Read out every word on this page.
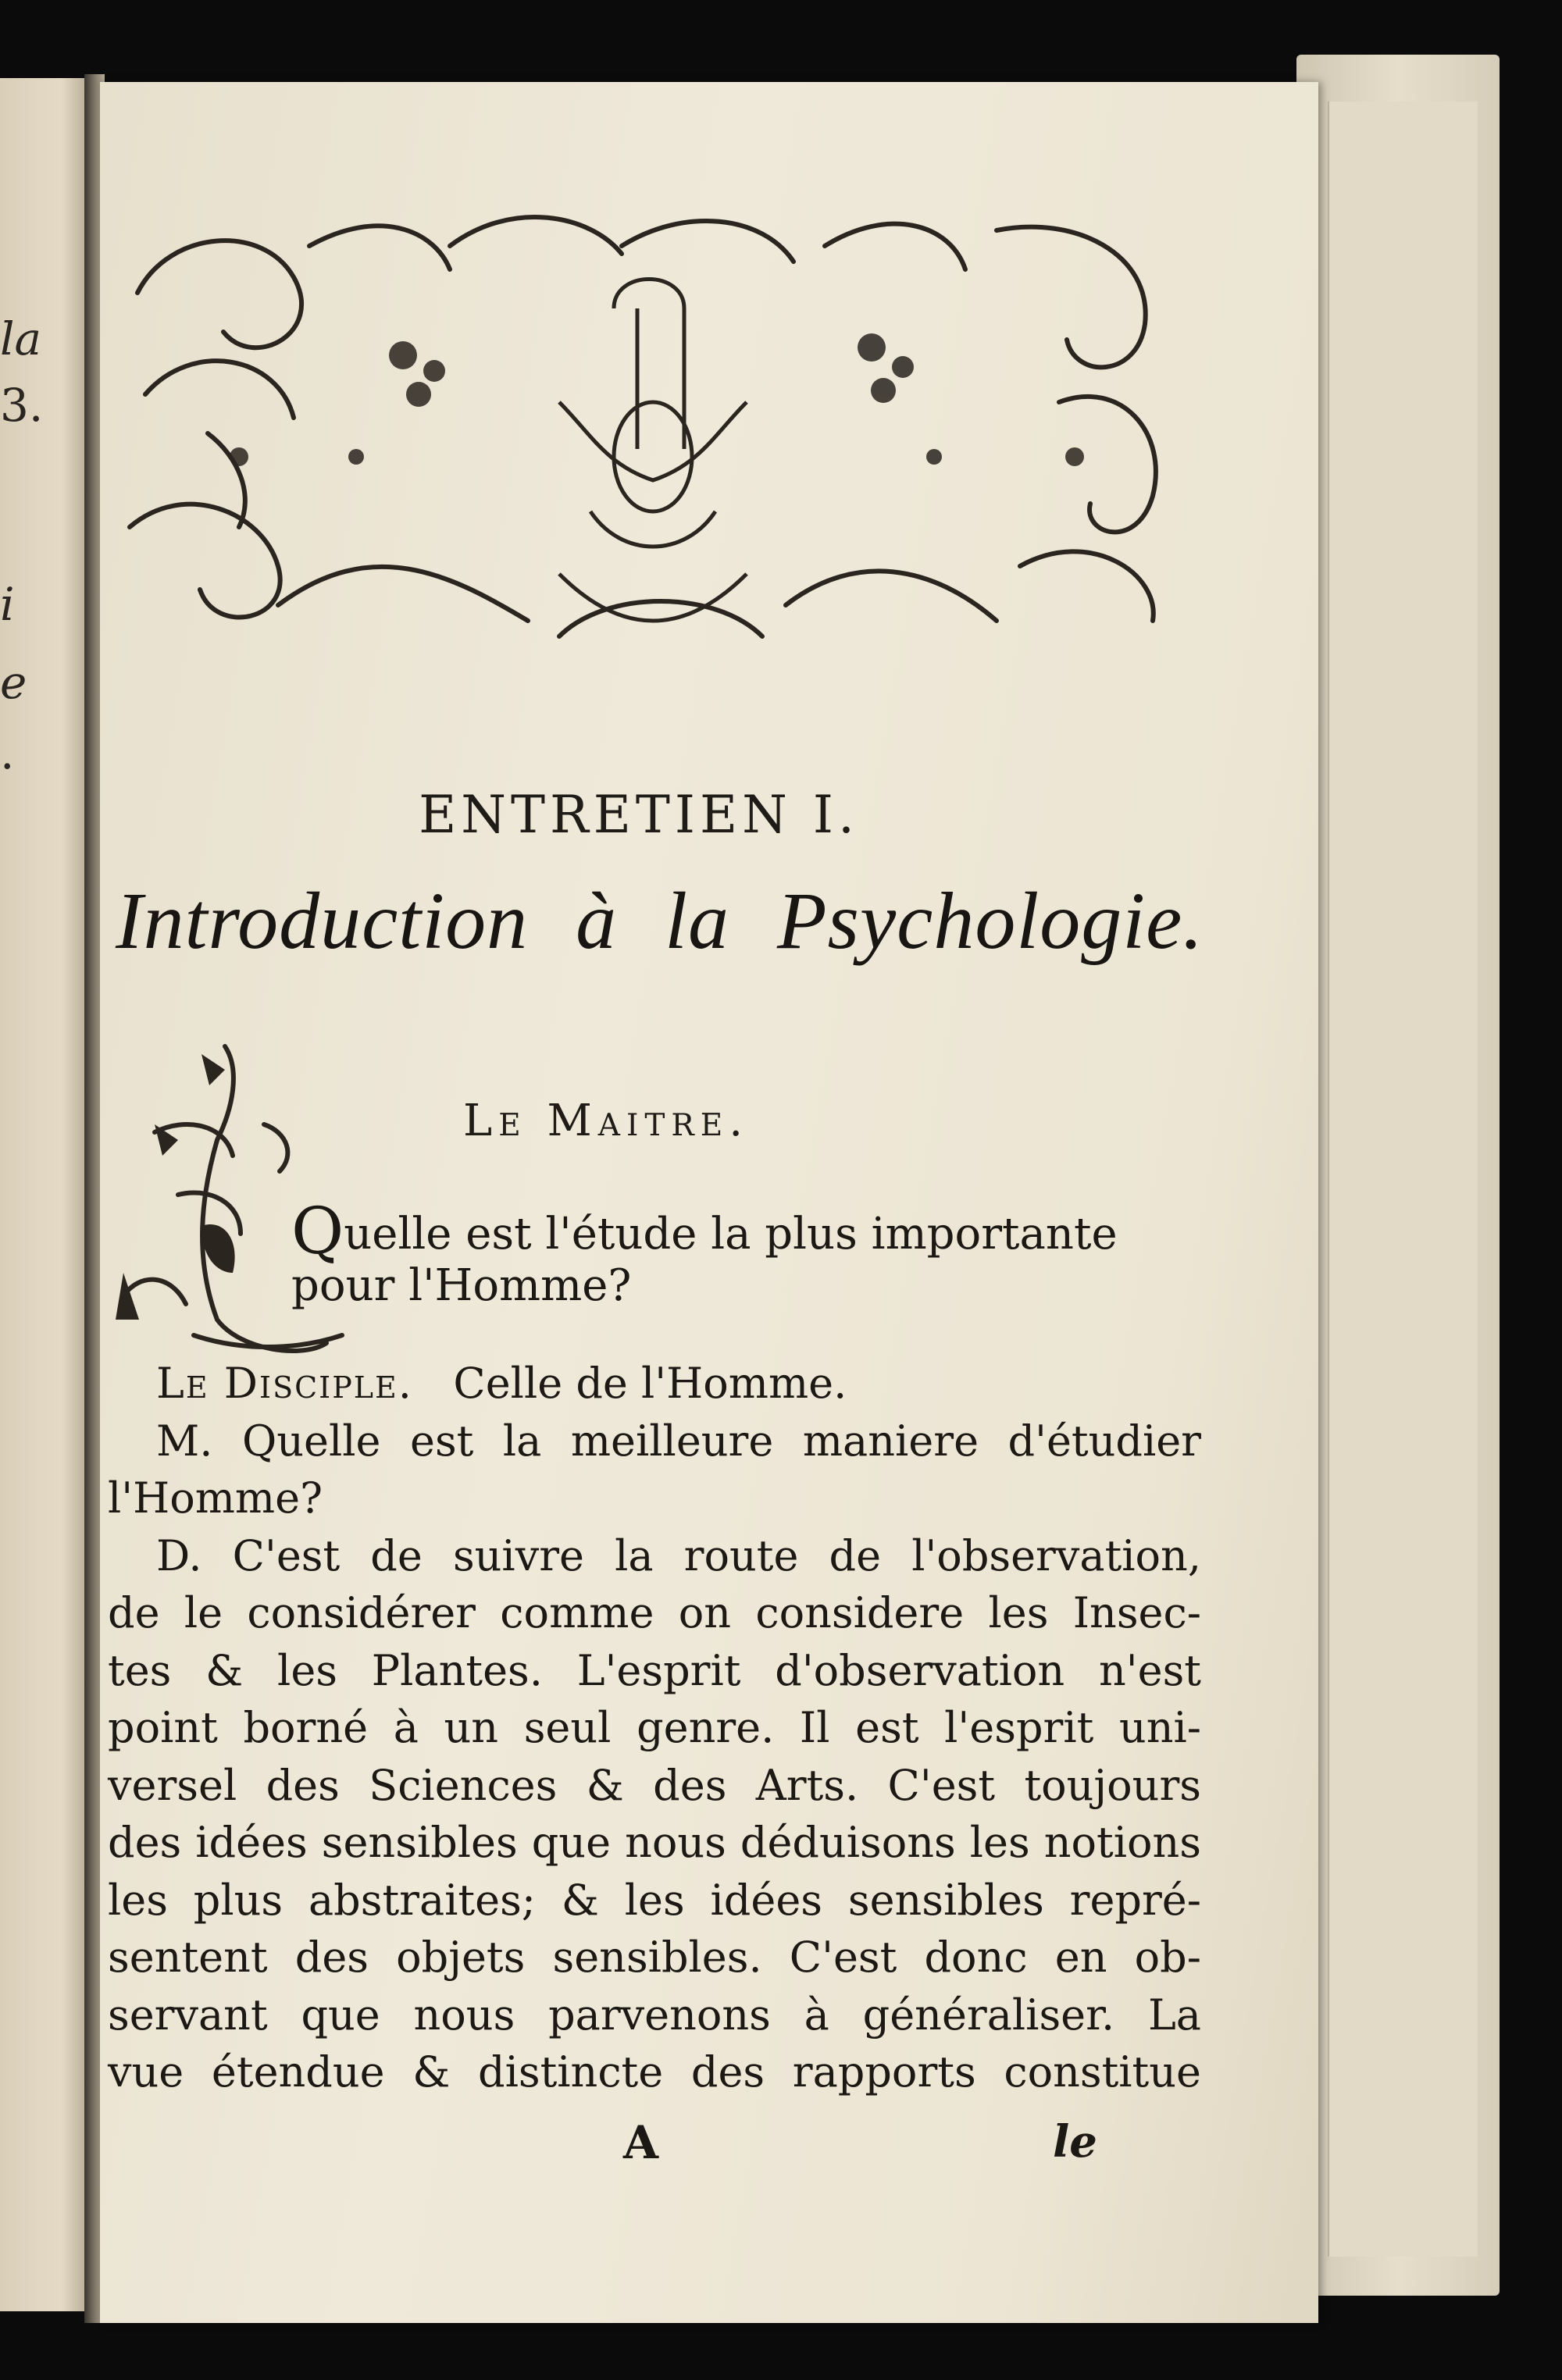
la
3.
i
e
.
ENTRETIEN I.
Introduction à la Psychologie.
Le Maitre.
Quelle est l'étude la plus importante
pour l'Homme?
Le Disciple. Celle de l'Homme.
M. Quelle est la meilleure maniere d'étudier
l'Homme?
D. C'est de suivre la route de l'observation,
de le considérer comme on considere les Insec-
tes & les Plantes. L'esprit d'observation n'est
point borné à un seul genre. Il est l'esprit uni-
versel des Sciences & des Arts. C'est toujours
des idées sensibles que nous déduisons les notions
les plus abstraites; & les idées sensibles repré-
sentent des objets sensibles. C'est donc en ob-
servant que nous parvenons à généraliser. La
vue étendue & distincte des rapports constitue
A	le
